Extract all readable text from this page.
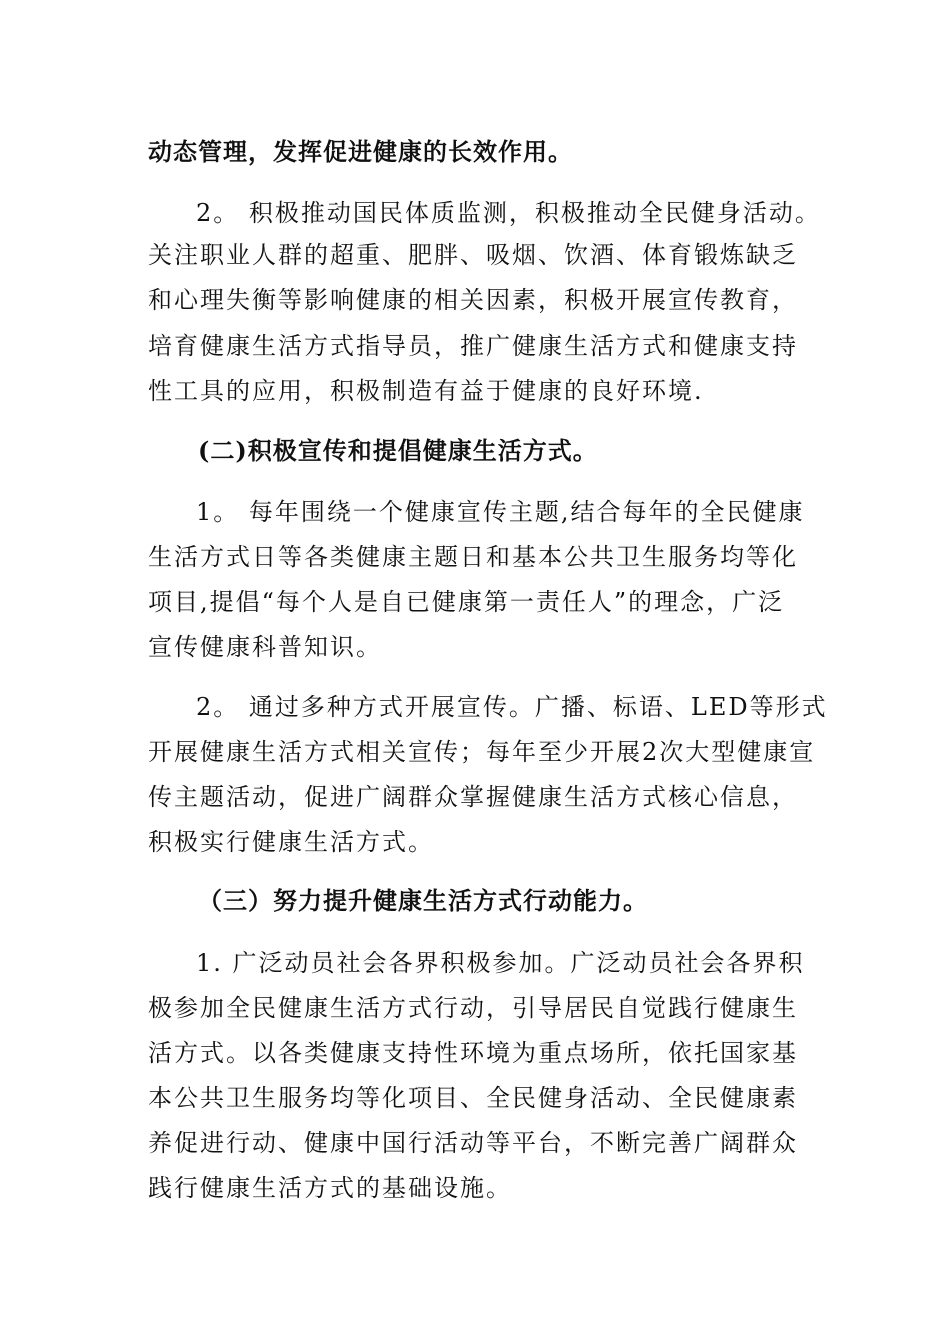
动态管理，发挥促进健康的长效作用。
2。 积极推动国民体质监测，积极推动全民健身活动。
关注职业人群的超重、肥胖、吸烟、饮酒、体育锻炼缺乏
和心理失衡等影响健康的相关因素，积极开展宣传教育，
培育健康生活方式指导员，推广健康生活方式和健康支持
性工具的应用，积极制造有益于健康的良好环境.
(二)积极宣传和提倡健康生活方式。
1。 每年围绕一个健康宣传主题,结合每年的全民健康
生活方式日等各类健康主题日和基本公共卫生服务均等化
项目,提倡“每个人是自已健康第一责任人”的理念，广泛
宣传健康科普知识。
2。 通过多种方式开展宣传。广播、标语、LED等形式
开展健康生活方式相关宣传；每年至少开展2次大型健康宣
传主题活动，促进广阔群众掌握健康生活方式核心信息，
积极实行健康生活方式。
（三）努力提升健康生活方式行动能力。
1. 广泛动员社会各界积极参加。广泛动员社会各界积
极参加全民健康生活方式行动，引导居民自觉践行健康生
活方式。以各类健康支持性环境为重点场所，依托国家基
本公共卫生服务均等化项目、全民健身活动、全民健康素
养促进行动、健康中国行活动等平台，不断完善广阔群众
践行健康生活方式的基础设施。
